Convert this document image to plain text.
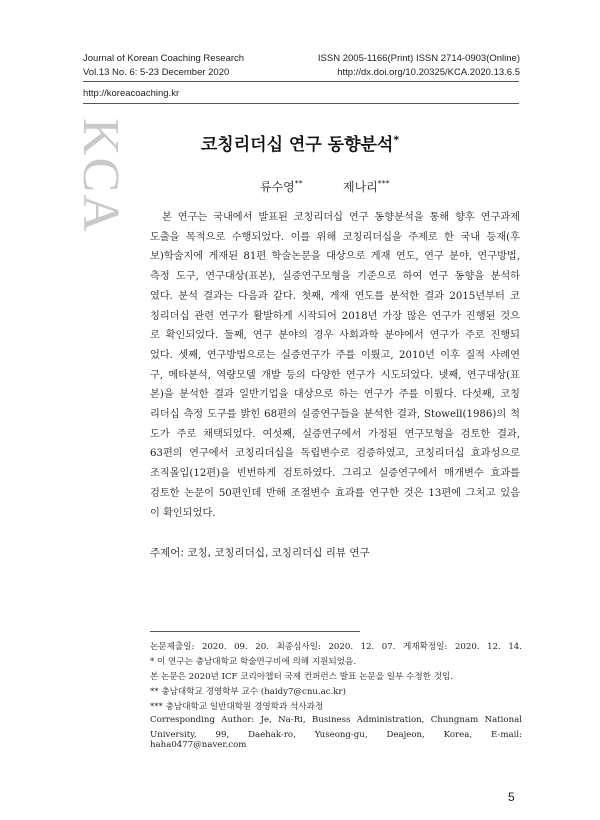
Journal of Korean Coaching Research	ISSN 2005-1166(Print) ISSN 2714-0903(Online)
Vol.13 No. 6: 5-23 December 2020	http://dx.doi.org/10.20325/KCA.2020.13.6.5
http://koreacoaching.kr
KCA	코칭리더십 연구 동향분석*
류수영**	제나리***
본 연구는 국내에서 발표된 코칭리더십 연구 동향분석을 통해 향후 연구과제
도출을 목적으로 수행되었다. 이를 위해 코칭리더십을 주제로 한 국내 등재(후
보)학술지에 게재된 81편 학술논문을 대상으로 게재 연도, 연구 분야, 연구방법,
측정 도구, 연구대상(표본), 실증연구모형을 기준으로 하여 연구 동향을 분석하
였다. 분석 결과는 다음과 같다. 첫째, 게재 연도를 분석한 결과 2015년부터 코
칭리더십 관련 연구가 활발하게 시작되어 2018년 가장 많은 연구가 진행된 것으
로 확인되었다. 둘째, 연구 분야의 경우 사회과학 분야에서 연구가 주로 진행되
었다. 셋째, 연구방법으로는 실증연구가 주를 이뤘고, 2010년 이후 질적 사례연
구, 메타분석, 역량모델 개발 등의 다양한 연구가 시도되었다. 넷째, 연구대상(표
본)을 분석한 결과 일반기업을 대상으로 하는 연구가 주를 이뤘다. 다섯째, 코칭
리더십 측정 도구를 밝힌 68편의 실증연구들을 분석한 결과, Stowell(1986)의 척
도가 주로 채택되었다. 여섯째, 실증연구에서 가정된 연구모형을 검토한 결과,
63편의 연구에서 코칭리더십을 독립변수로 검증하였고, 코칭리더십 효과성으로
조직몰입(12편)을 빈번하게 검토하였다. 그리고 실증연구에서 매개변수 효과를
검토한 논문이 50편인데 반해 조절변수 효과를 연구한 것은 13편에 그치고 있음
이 확인되었다.
주제어: 코칭, 코칭리더십, 코칭리더십 리뷰 연구
논문제출일: 2020. 09. 20. 최종심사일: 2020. 12. 07. 게재확정일: 2020. 12. 14.
* 이 연구는 충남대학교 학술연구비에 의해 지원되었음.
본 논문은 2020년 ICF 코리아챕터 국제 컨퍼런스 발표 논문을 일부 수정한 것임.
** 충남대학교 경영학부 교수 (haidy7@cnu.ac.kr)
*** 충남대학교 일반대학원 경영학과 석사과정
Corresponding Author: Je, Na-Ri, Business Administration, Chungnam National
University, 99, Daehak-ro, Yuseong-gu, Deajeon, Korea, E-mail: haha0477@naver.com
5
